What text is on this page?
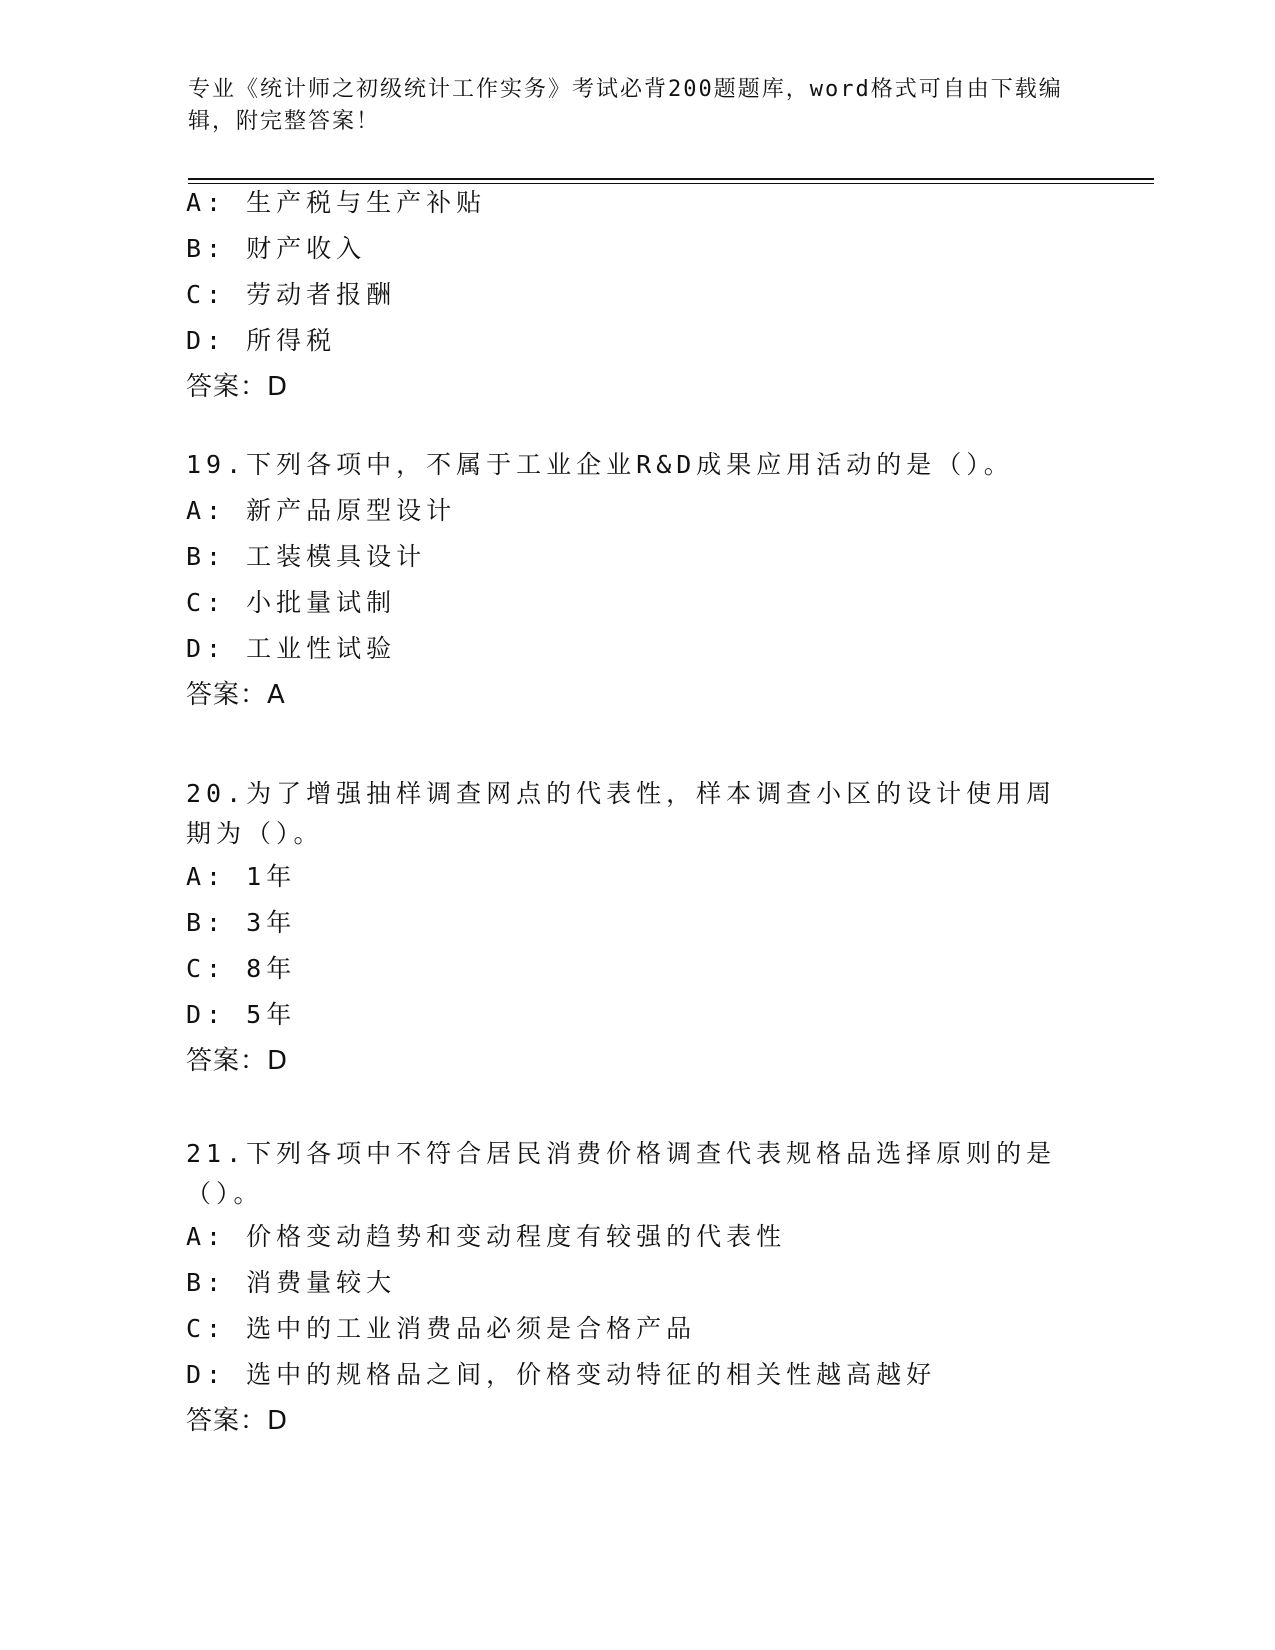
专业《统计师之初级统计工作实务》考试必背200题题库，word格式可自由下载编辑，附完整答案！
A: 生产税与生产补贴
B: 财产收入
C: 劳动者报酬
D: 所得税
答案：D
19.下列各项中，不属于工业企业R&D成果应用活动的是（）。
A: 新产品原型设计
B: 工装模具设计
C: 小批量试制
D: 工业性试验
答案：A
20.为了增强抽样调查网点的代表性，样本调查小区的设计使用周期为（）。
A: 1年
B: 3年
C: 8年
D: 5年
答案：D
21.下列各项中不符合居民消费价格调查代表规格品选择原则的是（）。
A: 价格变动趋势和变动程度有较强的代表性
B: 消费量较大
C: 选中的工业消费品必须是合格产品
D: 选中的规格品之间，价格变动特征的相关性越高越好
答案：D
